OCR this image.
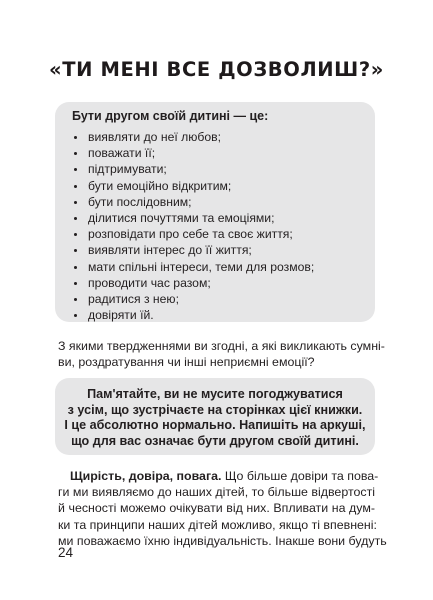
«ТИ МЕНІ ВСЕ ДОЗВОЛИШ?»
Бути другом своїй дитині — це:
виявляти до неї любов;
поважати її;
підтримувати;
бути емоційно відкритим;
бути послідовним;
ділитися почуттями та емоціями;
розповідати про себе та своє життя;
виявляти інтерес до її життя;
мати спільні інтереси, теми для розмов;
проводити час разом;
радитися з нею;
довіряти їй.
З якими твердженнями ви згодні, а які викликають сумні-
ви, роздратування чи інші неприємні емоції?
Пам'ятайте, ви не мусите погоджуватися
з усім, що зустрічаєте на сторінках цієї книжки.
І це абсолютно нормально. Напишіть на аркуші,
що для вас означає бути другом своїй дитині.
Щирість, довіра, повага. Що більше довіри та пова-
ги ми виявляємо до наших дітей, то більше відвертості
й чесності можемо очікувати від них. Впливати на дум-
ки та принципи наших дітей можливо, якщо ті впевнені:
ми поважаємо їхню індивідуальність. Інакше вони будуть
24
